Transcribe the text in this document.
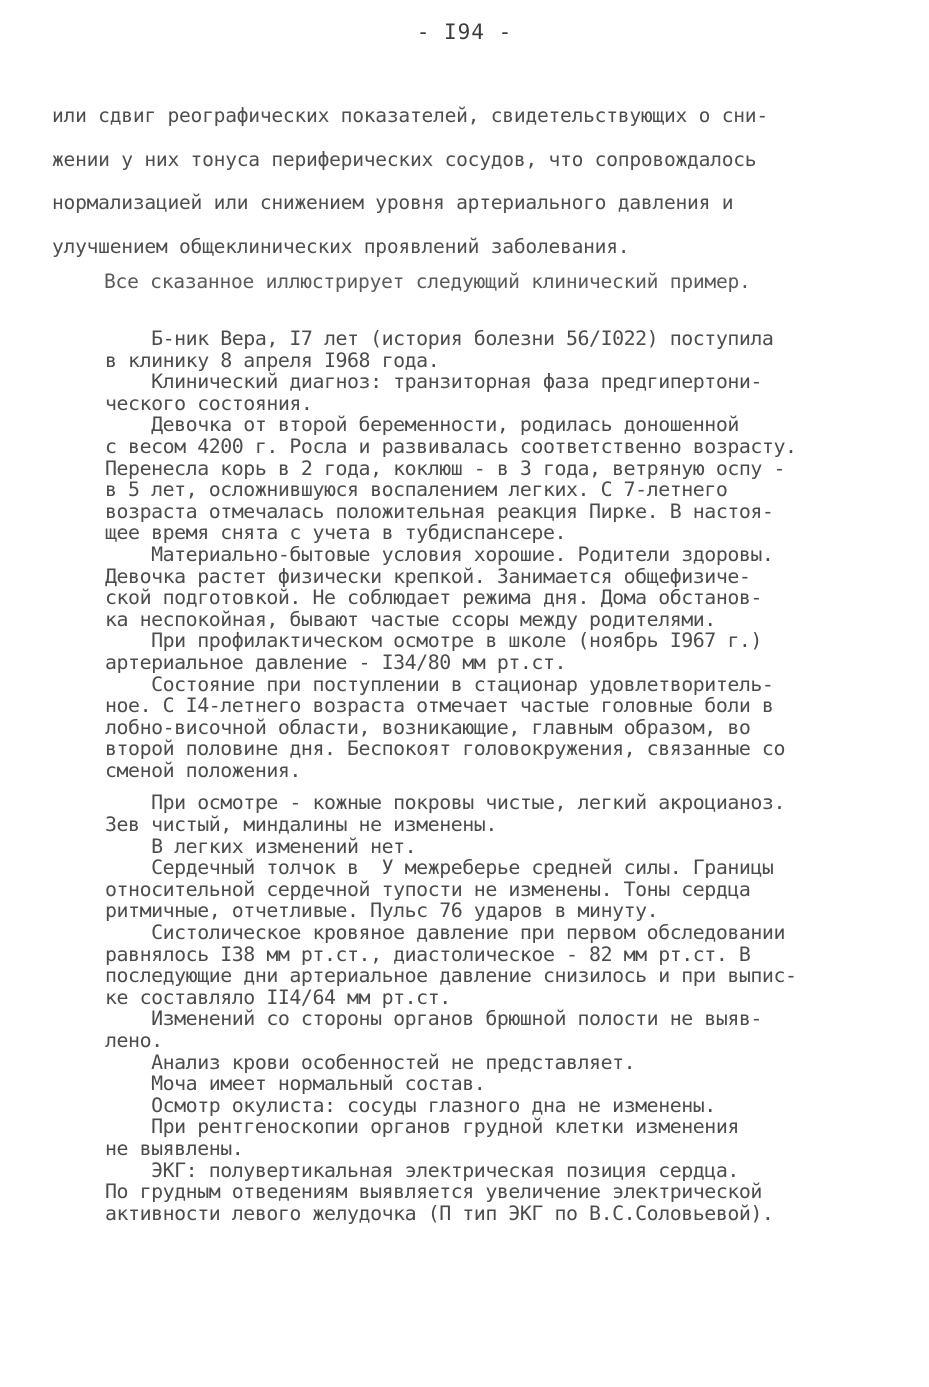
- I94 -
или сдвиг реографических показателей, свидетельствующих о сни-
жении у них тонуса периферических сосудов, что сопровождалось
нормализацией или снижением уровня артериального давления и
улучшением общеклинических проявлений заболевания.
Все сказанное иллюстрирует следующий клинический пример.
Б-ник Вера, I7 лет (история болезни 56/I022) поступила
в клинику 8 апреля I968 года.
Клинический диагноз: транзиторная фаза предгипертони-
ческого состояния.
Девочка от второй беременности, родилась доношенной
с весом 4200 г. Росла и развивалась соответственно возрасту.
Перенесла корь в 2 года, коклюш - в 3 года, ветряную оспу -
в 5 лет, осложнившуюся воспалением легких. С 7-летнего
возраста отмечалась положительная реакция Пирке. В настоя-
щее время снята с учета в тубдиспансере.
Материально-бытовые условия хорошие. Родители здоровы.
Девочка растет физически крепкой. Занимается общефизиче-
ской подготовкой. Не соблюдает режима дня. Дома обстанов-
ка неспокойная, бывают частые ссоры между родителями.
При профилактическом осмотре в школе (ноябрь I967 г.)
артериальное давление - I34/80 мм рт.ст.
Состояние при поступлении в стационар удовлетворитель-
ное. С I4-летнего возраста отмечает частые головные боли в
лобно-височной области, возникающие, главным образом, во
второй половине дня. Беспокоят головокружения, связанные со
сменой положения.
При осмотре - кожные покровы чистые, легкий акроцианоз.
Зев чистый, миндалины не изменены.
В легких изменений нет.
Сердечный толчок в  У межреберье средней силы. Границы
относительной сердечной тупости не изменены. Тоны сердца
ритмичные, отчетливые. Пульс 76 ударов в минуту.
Систолическое кровяное давление при первом обследовании
равнялось I38 мм рт.ст., диастолическое - 82 мм рт.ст. В
последующие дни артериальное давление снизилось и при выпис-
ке составляло II4/64 мм рт.ст.
Изменений со стороны органов брюшной полости не выяв-
лено.
Анализ крови особенностей не представляет.
Моча имеет нормальный состав.
Осмотр окулиста: сосуды глазного дна не изменены.
При рентгеноскопии органов грудной клетки изменения
не выявлены.
ЭКГ: полувертикальная электрическая позиция сердца.
По грудным отведениям выявляется увеличение электрической
активности левого желудочка (П тип ЭКГ по В.С.Соловьевой).
